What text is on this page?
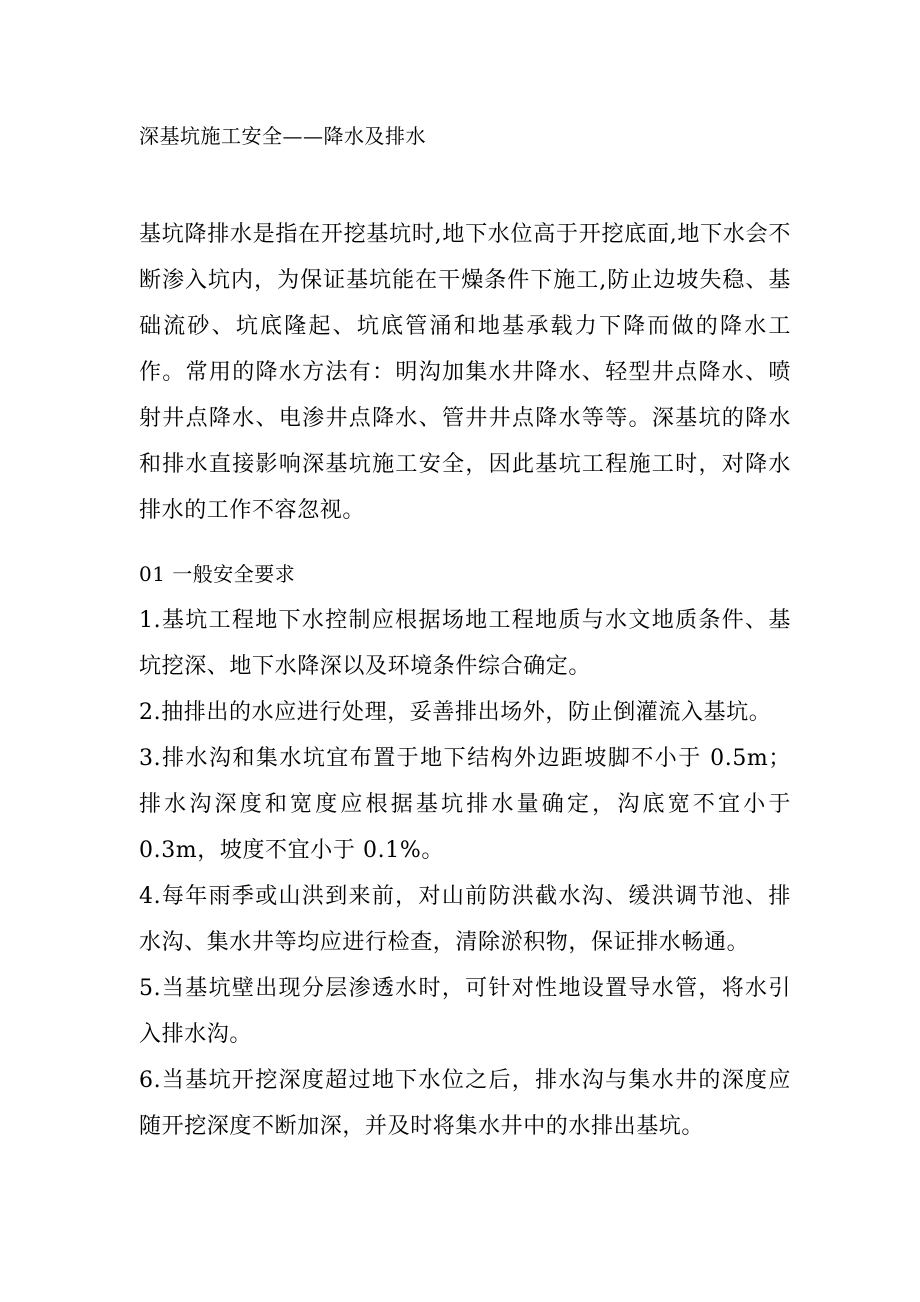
深基坑施工安全——降水及排水

基坑降排水是指在开挖基坑时,地下水位高于开挖底面,地下水会不断渗入坑内，为保证基坑能在干燥条件下施工,防止边坡失稳、基础流砂、坑底隆起、坑底管涌和地基承载力下降而做的降水工作。常用的降水方法有：明沟加集水井降水、轻型井点降水、喷射井点降水、电渗井点降水、管井井点降水等等。深基坑的降水和排水直接影响深基坑施工安全，因此基坑工程施工时，对降水排水的工作不容忽视。

01 一般安全要求
1.基坑工程地下水控制应根据场地工程地质与水文地质条件、基坑挖深、地下水降深以及环境条件综合确定。
2.抽排出的水应进行处理，妥善排出场外，防止倒灌流入基坑。
3.排水沟和集水坑宜布置于地下结构外边距坡脚不小于 0.5m；排水沟深度和宽度应根据基坑排水量确定，沟底宽不宜小于 0.3m，坡度不宜小于 0.1%。
4.每年雨季或山洪到来前，对山前防洪截水沟、缓洪调节池、排水沟、集水井等均应进行检查，清除淤积物，保证排水畅通。
5.当基坑壁出现分层渗透水时，可针对性地设置导水管，将水引入排水沟。
6.当基坑开挖深度超过地下水位之后，排水沟与集水井的深度应随开挖深度不断加深，并及时将集水井中的水排出基坑。
